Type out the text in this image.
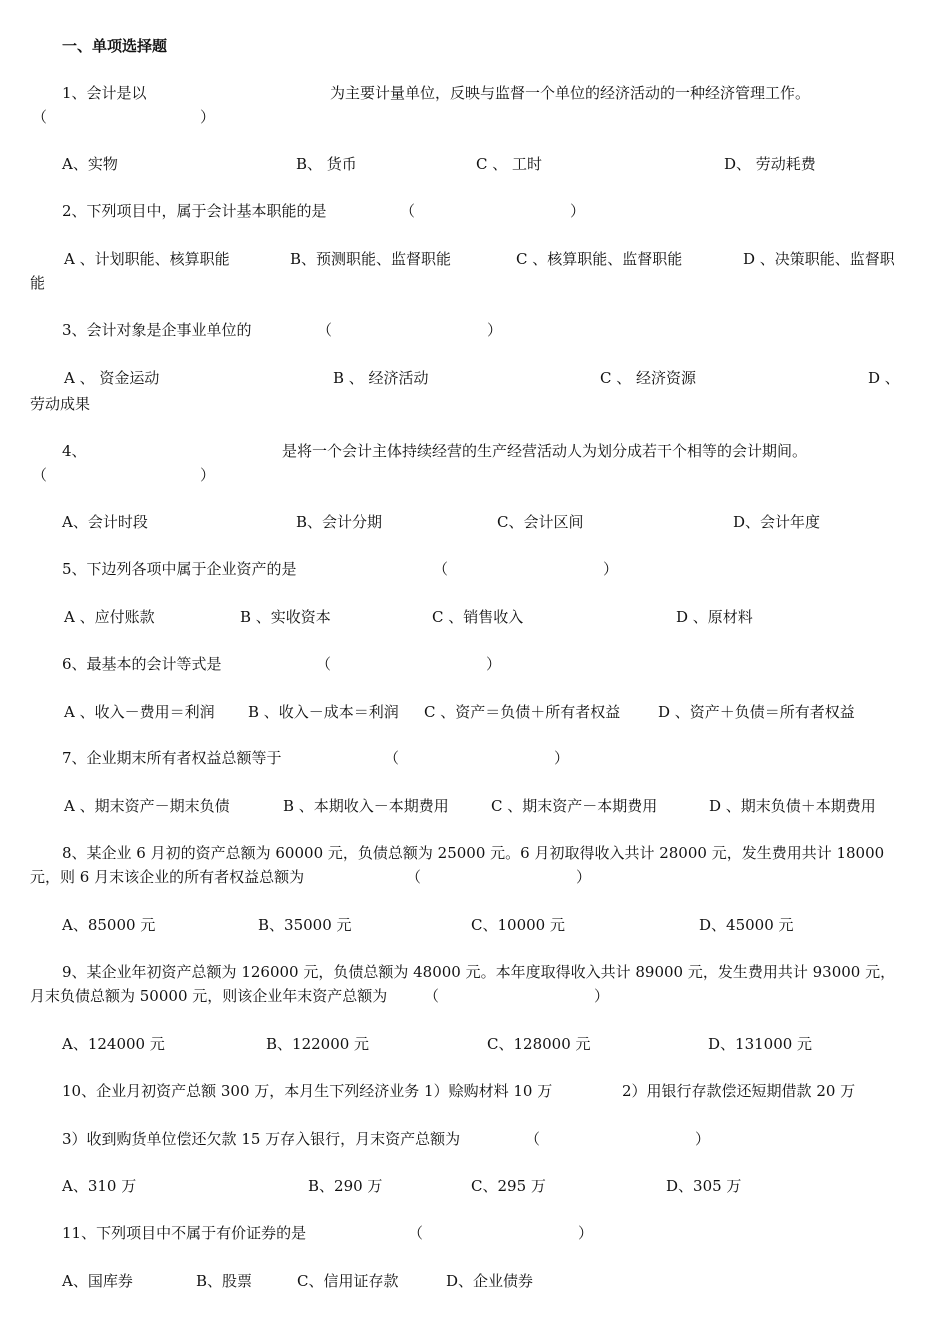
一、单项选择题
1、会计是以	为主要计量单位，反映与监督一个单位的经济活动的一种经济管理工作。
（	）
A、实物	B、 货币	C 、 工时	D、 劳动耗费
2、下列项目中，属于会计基本职能的是	（	）
A 、计划职能、核算职能	B、预测职能、监督职能	C 、核算职能、监督职能	D 、决策职能、监督职
能
3、会计对象是企事业单位的	（	）
A 、 资金运动	B 、 经济活动	C 、 经济资源	D 、
劳动成果
4、	是将一个会计主体持续经营的生产经营活动人为划分成若干个相等的会计期间。
（	）
A、会计时段	B、会计分期	C、会计区间	D、会计年度
5、下边列各项中属于企业资产的是	（	）
A 、应付账款	B 、实收资本	C 、销售收入	D 、原材料
6、最基本的会计等式是	（	）
A 、收入－费用＝利润 B 、收入－成本＝利润 C 、资产＝负债＋所有者权益	D 、资产＋负债＝所有者权益
7、企业期末所有者权益总额等于	（	）
A 、期末资产－期末负债	B 、本期收入－本期费用	C 、期末资产－本期费用	D 、期末负债＋本期费用
8、某企业 6 月初的资产总额为 60000 元，负债总额为 25000 元。6 月初取得收入共计 28000 元，发生费用共计 18000
元，则 6 月末该企业的所有者权益总额为	（	）
A、85000 元	B、35000 元	C、10000 元	D、45000 元
9、某企业年初资产总额为 126000 元，负债总额为 48000 元。本年度取得收入共计 89000 元，发生费用共计 93000 元，
月末负债总额为 50000 元，则该企业年末资产总额为 （	）
A、124000 元	B、122000 元	C、128000 元	D、131000 元
10、企业月初资产总额 300 万，本月生下列经济业务 1）赊购材料 10 万	2）用银行存款偿还短期借款 20 万
3）收到购货单位偿还欠款 15 万存入银行，月末资产总额为	（	）
A、310 万	B、290 万	C、295 万	D、305 万
11、下列项目中不属于有价证券的是	（	）
A、国库券	B、股票	C、信用证存款	D、企业债券
